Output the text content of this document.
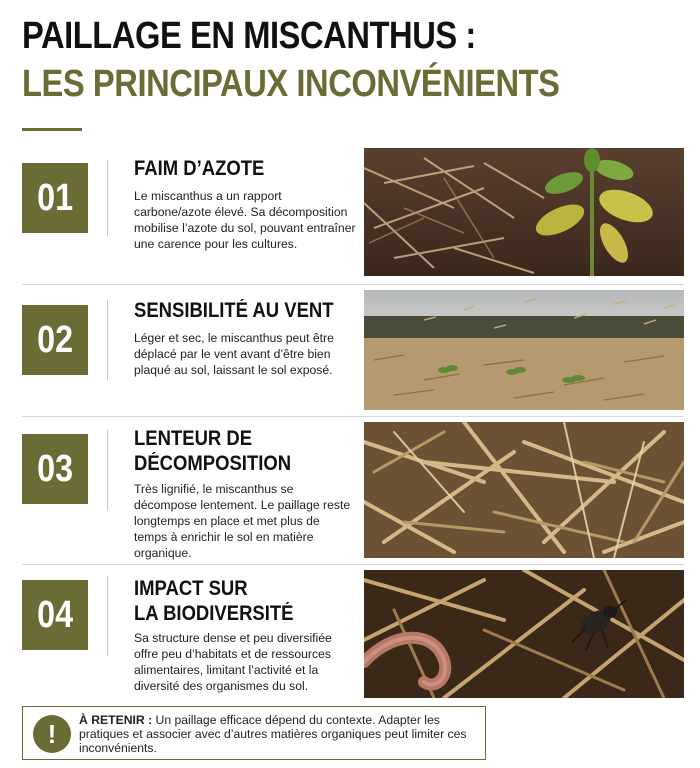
PAILLAGE EN MISCANTHUS :
LES PRINCIPAUX INCONVÉNIENTS
01
FAIM D’AZOTE
Le miscanthus a un rapport carbone/azote élevé. Sa décomposition mobilise l’azote du sol, pouvant entraîner une carence pour les cultures.
02
SENSIBILITÉ AU VENT
Léger et sec, le miscanthus peut être déplacé par le vent avant d’être bien plaqué au sol, laissant le sol exposé.
03
LENTEUR DE
DÉCOMPOSITION
Très lignifié, le miscanthus se décompose lentement. Le paillage reste longtemps en place et met plus de temps à enrichir le sol en matière organique.
04
IMPACT SUR
LA BIODIVERSITÉ
Sa structure dense et peu diversifiée offre peu d’habitats et de ressources alimentaires, limitant l’activité et la diversité des organismes du sol.
!	À RETENIR : Un paillage efficace dépend du contexte. Adapter les pratiques et associer avec d’autres matières organiques peut limiter ces inconvénients.
